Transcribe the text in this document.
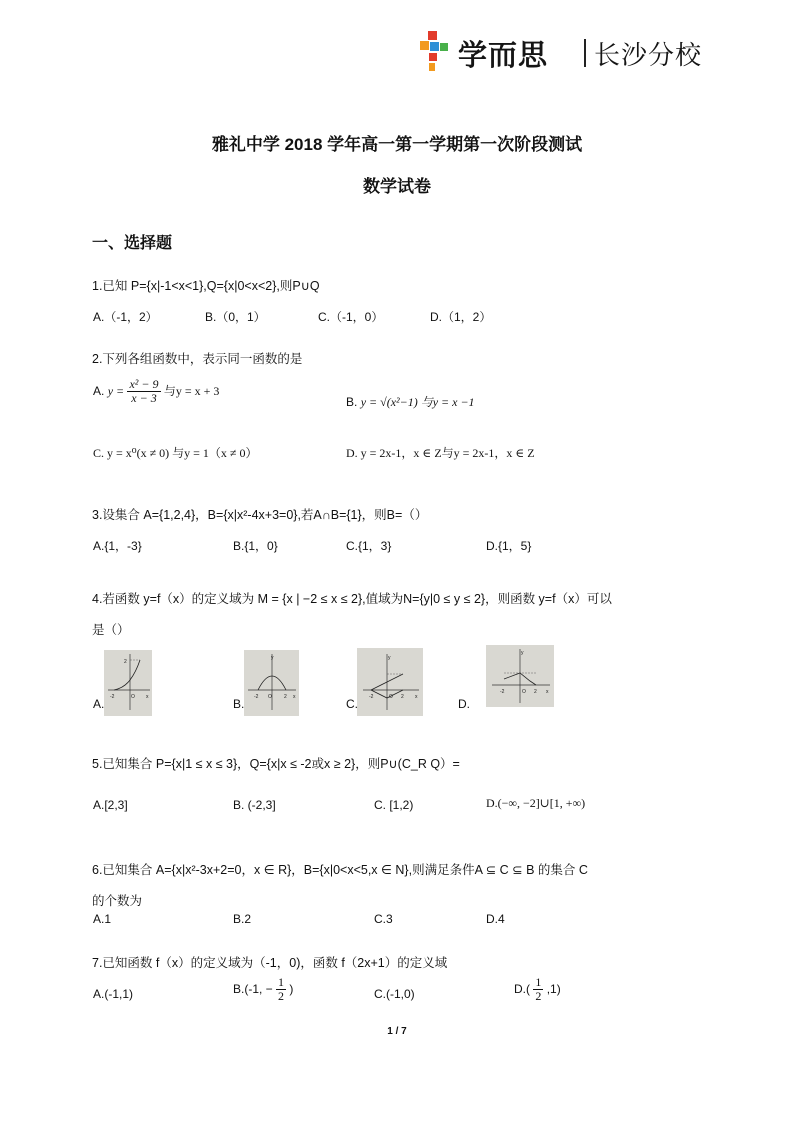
学而思 长沙分校
雅礼中学 2018 学年高一第一学期第一次阶段测试
数学试卷
一、选择题
1.已知 P={x|-1<x<1},Q={x|0<x<2},则P∪Q
A.（-1，2）	B.（0，1）	C.（-1，0）	D.（1，2）
2.下列各组函数中，表示同一函数的是
A. $y = \frac{\text{x² − 9}}{x - 3}$ 与y = x + 3
B. y = √(x²−1) 与y = x −1
C. y = x⁰(x ≠ 0) 与y = 1（x ≠ 0）	D. y = 2x-1，x ∈ Z与y = 2x-1，x ∈ Z
3.设集合 A={1,2,4}，B={x|x²-4x+3=0},若A∩B={1}，则B=（）
A.{1，-3}	B.{1，0}	C.{1，3}	D.{1，5}
4.若函数 y=f（x）的定义域为 M = {x | −2 ≤ x ≤ 2},值域为N={y|0 ≤ y ≤ 2}，则函数 y=f（x）可以
是（）
-2	O
2
x
A.
y
-2 O 2 x
B.
y
-2	O 2 x
C.
y
-2	O 2 x
D.
5.已知集合 P={x|1 ≤ x ≤ 3}，Q={x|x ≤ -2或x ≥ 2}，则P∪(C_R Q）=
A.[2,3]	B. (-2,3]	C. [1,2)	D.(−∞, −2]∪[1, +∞)
6.已知集合 A={x|x²-3x+2=0，x ∈ R}，B={x|0<x<5,x ∈ N},则满足条件A ⊆ C ⊆ B 的集合 C
的个数为
A.1	B.2	C.3	D.4
7.已知函数 f（x）的定义域为（-1，0)，函数 f（2x+1）的定义域
A.(-1,1)	B.(-1, − $\frac{1}{2}$ )	C.(-1,0)	$D.( \frac{1}{2} ,1)$
1 / 7
